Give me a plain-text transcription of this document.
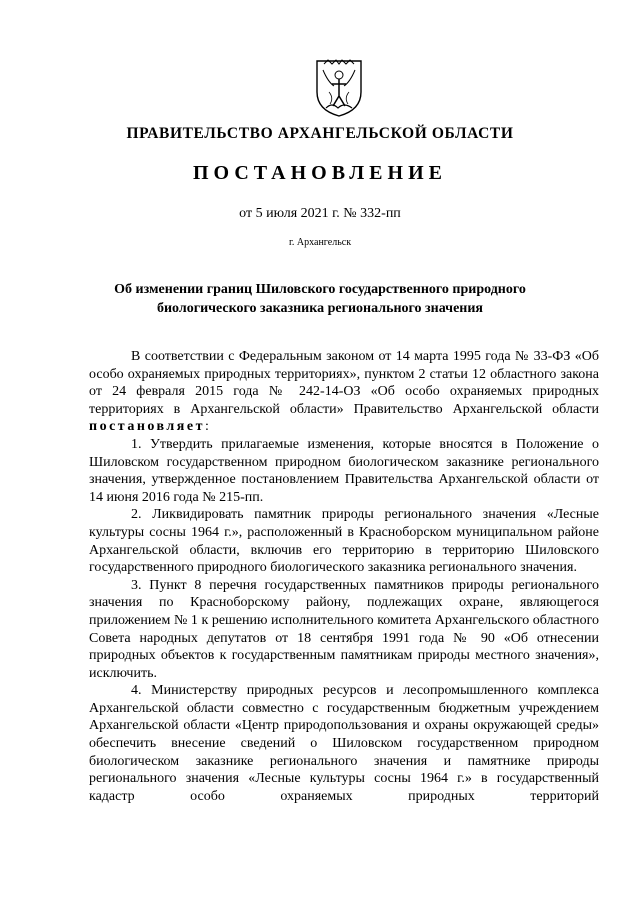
ПРАВИТЕЛЬСТВО АРХАНГЕЛЬСКОЙ ОБЛАСТИ
ПОСТАНОВЛЕНИЕ
от 5 июля 2021 г. № 332-пп
г. Архангельск
Об изменении границ Шиловского государственного природного
биологического заказника регионального значения

В соответствии с Федеральным законом от 14 марта 1995 года № 33-ФЗ «Об особо охраняемых природных территориях», пунктом 2 статьи 12 областного закона от 24 февраля 2015 года № 242-14-ОЗ «Об особо охраняемых природных территориях в Архангельской области» Правительство Архангельской области постановляет:

1. Утвердить прилагаемые изменения, которые вносятся в Положение о Шиловском государственном природном биологическом заказнике регионального значения, утвержденное постановлением Правительства Архангельской области от 14 июня 2016 года № 215-пп.

2. Ликвидировать памятник природы регионального значения «Лесные культуры сосны 1964 г.», расположенный в Красноборском муниципальном районе Архангельской области, включив его территорию в территорию Шиловского государственного природного биологического заказника регионального значения.

3. Пункт 8 перечня государственных памятников природы регионального значения по Красноборскому району, подлежащих охране, являющегося приложением № 1 к решению исполнительного комитета Архангельского областного Совета народных депутатов от 18 сентября 1991 года № 90 «Об отнесении природных объектов к государственным памятникам природы местного значения», исключить.

4. Министерству природных ресурсов и лесопромышленного комплекса Архангельской области совместно с государственным бюджетным учреждением Архангельской области «Центр природопользования и охраны окружающей среды» обеспечить внесение сведений о Шиловском государственном природном биологическом заказнике регионального значения и памятнике природы регионального значения «Лесные культуры сосны 1964 г.» в государственный кадастр особо охраняемых природных территорий
